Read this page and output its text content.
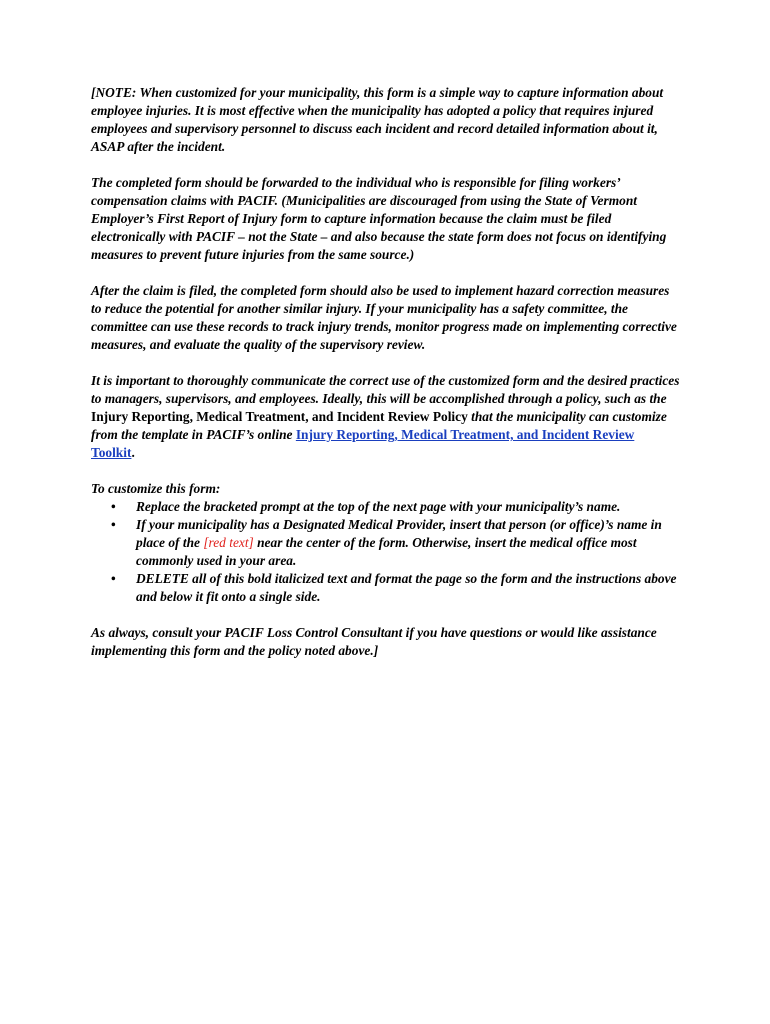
[NOTE: When customized for your municipality, this form is a simple way to capture information about employee injuries. It is most effective when the municipality has adopted a policy that requires injured employees and supervisory personnel to discuss each incident and record detailed information about it, ASAP after the incident.

The completed form should be forwarded to the individual who is responsible for filing workers’ compensation claims with PACIF. (Municipalities are discouraged from using the State of Vermont Employer’s First Report of Injury form to capture information because the claim must be filed electronically with PACIF – not the State – and also because the state form does not focus on identifying measures to prevent future injuries from the same source.)

After the claim is filed, the completed form should also be used to implement hazard correction measures to reduce the potential for another similar injury. If your municipality has a safety committee, the committee can use these records to track injury trends, monitor progress made on implementing corrective measures, and evaluate the quality of the supervisory review.

It is important to thoroughly communicate the correct use of the customized form and the desired practices to managers, supervisors, and employees. Ideally, this will be accomplished through a policy, such as the Injury Reporting, Medical Treatment, and Incident Review Policy that the municipality can customize from the template in PACIF’s online Injury Reporting, Medical Treatment, and Incident Review Toolkit.

To customize this form:

• Replace the bracketed prompt at the top of the next page with your municipality’s name.
• If your municipality has a Designated Medical Provider, insert that person (or office)’s name in place of the [red text] near the center of the form. Otherwise, insert the medical office most commonly used in your area.
• DELETE all of this bold italicized text and format the page so the form and the instructions above and below it fit onto a single side.

As always, consult your PACIF Loss Control Consultant if you have questions or would like assistance implementing this form and the policy noted above.]
